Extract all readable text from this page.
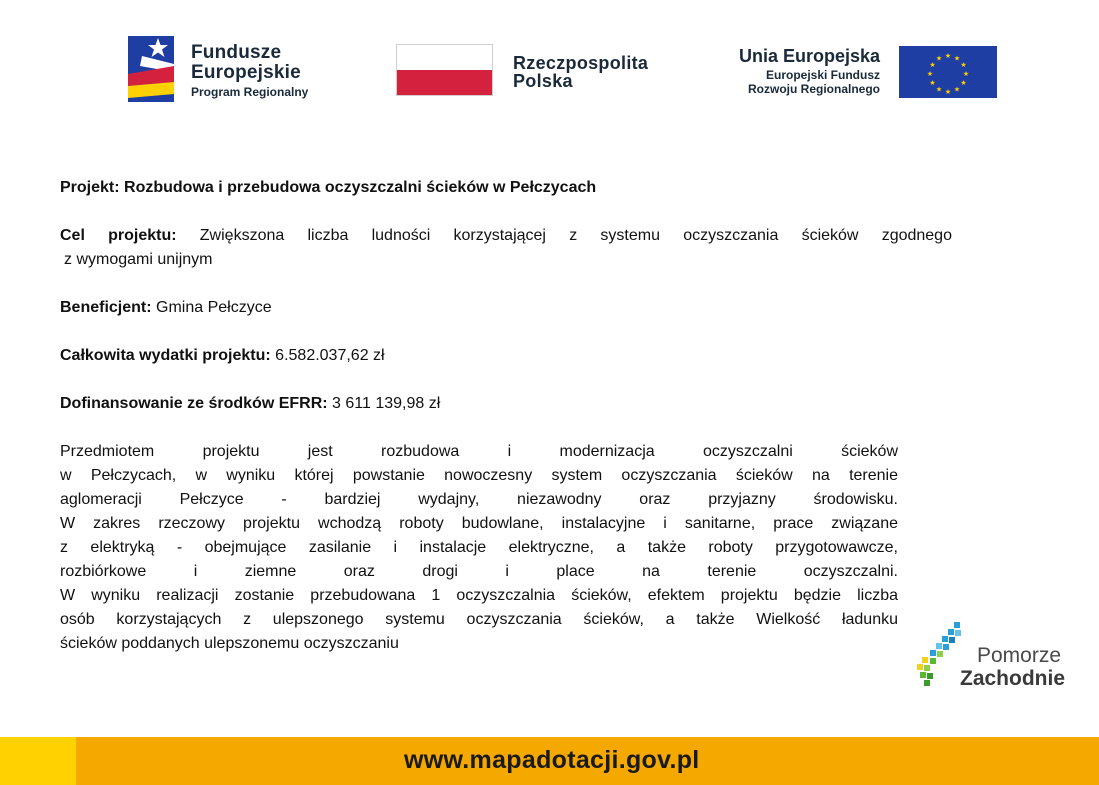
Fundusze
Europejskie
Program Regionalny
Rzeczpospolita
Polska
Unia Europejska
Europejski Fundusz
Rozwoju Regionalnego
★ ★
★
★
★
★
★
★
★
★
★
★

Projekt: Rozbudowa i przebudowa oczyszczalni ścieków w Pełczycach

Cel projektu: Zwiększona liczba ludności korzystającej z systemu oczyszczania ścieków zgodnego
z wymogami unijnym

Beneficjent: Gmina Pełczyce

Całkowita wydatki projektu: 6.582.037,62 zł

Dofinansowanie ze środków EFRR: 3 611 139,98 zł

Przedmiotem projektu jest rozbudowa i modernizacja oczyszczalni ścieków
w Pełczycach, w wyniku której powstanie nowoczesny system oczyszczania ścieków na terenie
aglomeracji Pełczyce - bardziej wydajny, niezawodny oraz przyjazny środowisku.
W zakres rzeczowy projektu wchodzą roboty budowlane, instalacyjne i sanitarne, prace związane
z elektryką - obejmujące zasilanie i instalacje elektryczne, a także roboty przygotowawcze,
rozbiórkowe i ziemne oraz drogi i place na terenie oczyszczalni.
W wyniku realizacji zostanie przebudowana 1 oczyszczalnia ścieków, efektem projektu będzie liczba
osób korzystających z ulepszonego systemu oczyszczania ścieków, a także Wielkość ładunku
ścieków poddanych ulepszonemu oczyszczaniu

Pomorze
Zachodnie
www.mapadotacji.gov.pl
